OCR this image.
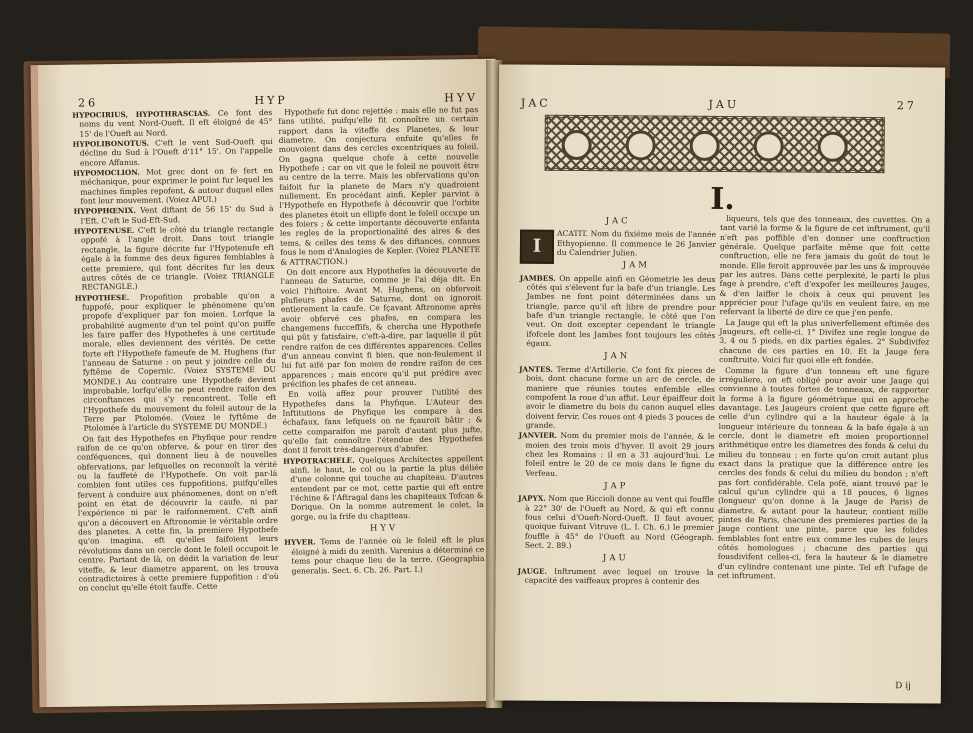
26	HYP	HYV

HYPOCIRIUS, HYPOTHRASCIAS. Ce font des noms du vent Nord-Oueft. Il eft éloigné de 45° 15' de l'Oueft au Nord.

HYPOLIBONOTUS. C'eft le vent Sud-Oueft qui décline du Sud à l'Oueft d'11° 15'. On l'appelle encore Affanus.

HYPOMOCLION. Mot grec dont on fe fert en méchanique, pour exprimer le point fur lequel les machines fimples repofent, & autour duquel elles font leur mouvement. (Voiez APUI.)

HYPOPHŒNIX. Vent diftant de 56 15' du Sud à l'Eft. C'eft le Sud-Eft-Sud.

HYPOTENUSE. C'eft le côté du triangle rectangle oppofé à l'angle droit. Dans tout triangle rectangle, la figure décrite fur l'Hypotenufe eft égale à la fomme des deux figures femblables à cette premiere, qui font décrites fur les deux autres côtés de ce triangle. (Voiez TRIANGLE RECTANGLE.)

HYPOTHESE. Propofition probable qu'on a fuppofé, pour expliquer le phénomene qu'on propofe d'expliquer par fon moien. Lorfque la probabilité augmente d'un tel point qu'on puiffe les faire paffer des Hypothefes à une certitude morale, elles deviennent des vérités. De cette forte eft l'Hypothefe fameufe de M. Hughens (fur l'anneau de Saturne : on peut y joindre celle du fyftême de Copernic. (Voiez SYSTEME DU MONDE.) Au contraire une Hypothefe devient improbable, lorfqu'elle ne peut rendre raifon des circonftances qui s'y rencontrent. Telle eft l'Hypothefe du mouvement du foleil autour de la Terre par Ptolomée. (Voiez le fyftême de Ptolomée à l'article du SYSTEME DU MONDE.)

On fait des Hypothefes en Phyfique pour rendre raifon de ce qu'on obferve, & pour en tirer des conféquences, qui donnent lieu à de nouvelles obfervations, par lefquelles on reconnoît la vérité ou la fauffeté de l'Hypothefe. On voit par-là combien font utiles ces fuppofitions, puifqu'elles fervent à conduire aux phénomenes, dont on n'eft point en état de découvrir la caufe, ni par l'expérience ni par le raifonnement. C'eft ainfi qu'on a découvert en Aftronomie le véritable ordre des planetes. A cette fin, la premiere Hypothefe qu'on imagina, eft qu'elles faifoient leurs révolutions dans un cercle dont le foleil occupoit le centre. Partant de là, on dédit la variation de leur viteffe, & leur diametre apparent, on les trouva contradictoires à cette premiere fuppofition : d'où on conclut qu'elle étoit fauffe. Cette

Hypothefe fut donc rejettée : mais elle ne fut pas fans utilité, puifqu'elle fit connoître un certain rapport dans la viteffe des Planetes, & leur diametre. On conjectura enfuite qu'elles fe mouvoient dans des cercles excentriques au foleil. On gagna quelque chofe à cette nouvelle Hypothefe ; car on vit que le foleil ne pouvoit être au centre de la terre. Mais les obfervations qu'on faifoit fur la planete de Mars n'y quadroient nullement. En procédant ainfi, Kepler parvint à l'Hypothefe en Hypothefe à découvrir que l'orbite des planetes étoit un ellipfe dont le foleil occupe un des foiers ; & cette importante découverte enfanta les regles de la proportionalité des aires & des tems, & celles des tems & des diftances, connues fous le nom d'Analogies de Kepler. (Voiez PLANETE & ATTRACTION.)

On doit encore aux Hypothefes la découverte de l'anneau de Saturne, comme je l'ai déja dit. En voici l'hiftoire. Avant M. Hughens, on obfervoit plufieurs phafes de Saturne, dont on ignoroit entierement la caufe. Ce fçavant Aftronome après avoir obfervé ces phafes, en compara les changemens fucceffifs, & chercha une Hypothefe qui pût y fatisfaire, c'eft-à-dire, par laquelle il pût rendre raifon de ces différentes apparences. Celles d'un anneau convint fi bien, que non-feulement il lui fut aifé par fon moien de rendre raifon de ces apparences ; mais encore qu'il put prédire avec précifion les phafes de cet anneau.

En voilà affez pour prouver l'utilité des Hypothefes dans la Phyfique. L'Auteur des Inftitutions de Phyfique les compare à des échafaux, fans lefquels on ne fçauroit bâtir ; & cette comparaifon me paroît d'autant plus jufte, qu'elle fait connoître l'étendue des Hypothefes dont il feroit très-dangereux d'abufer.

HYPOTRACHELE. Quelques Architectes appellent ainfi, le haut, le col ou la partie la plus déliée d'une colonne qui touche au chapiteau. D'autres entendent par ce mot, cette partie qui eft entre l'échine & l'Aftragal dans les chapiteaux Tofcan & Dorique. On la nomme autrement le colet, la gorge, ou la frife du chapiteau.

HYV

HYVER. Tems de l'année où le foleil eft le plus éloigné à midi du zenith. Varenius a déterminé ce tems pour chaque lieu de la terre. (Geographia generalis. Sect. 6. Ch. 26. Part. I.)

JAC	JAU	27
I.
JAC

I
ACATIT. Nom du fixiéme mois de l'année Ethyopienne. Il commence le 26 Janvier du Calendrier Julien.

JAM

JAMBES. On appelle ainfi en Géometrie les deux côtés qui s'élevent fur la bafe d'un triangle. Les Jambes ne font point déterminées dans un triangle, parce qu'il eft libre de prendre pour bafe d'un triangle rectangle, le côté que l'on veut. On doit excepter cependant le triangle ifofcele dont les Jambes font toujours les côtés égaux.

JAN

JANTES. Terme d'Artillerie. Ce font fix pieces de bois, dont chacune forme un arc de cercle, de maniere que réunies toutes enfemble elles compofent la roue d'un affut. Leur épaiffeur doit avoir le diametre du bois du canon auquel elles doivent fervir. Ces roues ont 4 pieds 3 pouces de grande.

JANVIER. Nom du premier mois de l'année, & le moien des trois mois d'hyver. Il avoit 29 jours chez les Romains : il en a 31 aujourd'hui. Le foleil entre le 20 de ce mois dans le figne du Verfeau.

JAP

JAPYX. Nom que Riccioli donne au vent qui fouffle à 22° 30' de l'Oueft au Nord, & qui eft connu fous celui d'Oueft-Nord-Oueft. Il faut avouer, quoique fuivant Vitruve (L. I. Ch. 6.) le premier fouffle à 45° de l'Oueft au Nord (Géograph. Sect. 2. 89.)

JAU

JAUGE. Inftrument avec lequel on trouve la capacité des vaiffeaux propres à contenir des

liqueurs, tels que des tonneaux, des cuvettes. On a tant varié la forme & la figure de cet inftrument, qu'il n'eft pas poffible d'en donner une conftruction générale. Quelque parfaite même que foit cette conftruction, elle ne fera jamais du goût de tout le monde. Elle feroit approuvée par les uns & improuvée par les autres. Dans cette perplexité, le parti le plus fage à prendre, c'eft d'expofer les meilleures Jauges, & d'en laiffer le choix à ceux qui peuvent les apprécier pour l'ufage qu'ils en veulent faire, en me refervant la liberté de dire ce que j'en penfe.

La Jauge qui eft la plus univerfellement eftimée des Jaugeurs, eft celle-ci. 1° Divifez une regle longue de 3, 4 ou 5 pieds, en dix parties égales. 2° Subdivifez chacune de ces parties en 10. Et la Jauge fera conftruite. Voici fur quoi elle eft fondée.

Comme la figure d'un tonneau eft une figure irréguliere, on eft obligé pour avoir une Jauge qui convienne à toutes fortes de tonneaux, de rapporter la forme à la figure géométrique qui en approche davantage. Les Jaugeurs croient que cette figure eft celle d'un cylindre qui a la hauteur égale à la longueur intérieure du tonneau & la bafe égale à un cercle, dont le diametre eft moien proportionnel arithmétique entre les diametres des fonds & celui du milieu du tonneau ; en forte qu'on croit autant plus exact dans la pratique que la différence entre les cercles des fonds & celui du milieu du bondon ; n'eft pas fort confidérable. Cela pofé, aiant trouvé par le calcul qu'un cylindre qui a 18 pouces, 6 lignes (longueur qu'on donne à la Jauge de Paris) de diametre, & autant pour la hauteur, contient mille pintes de Paris, chacune des premieres parties de la Jauge contient une pinte, parce que les folides femblables font entre eux comme les cubes de leurs côtés homologues ; chacune des parties qui fousdivifent celles-ci, fera la hauteur & le diametre d'un cylindre contenant une pinte. Tel eft l'ufage de cet inftrument.

D ij
